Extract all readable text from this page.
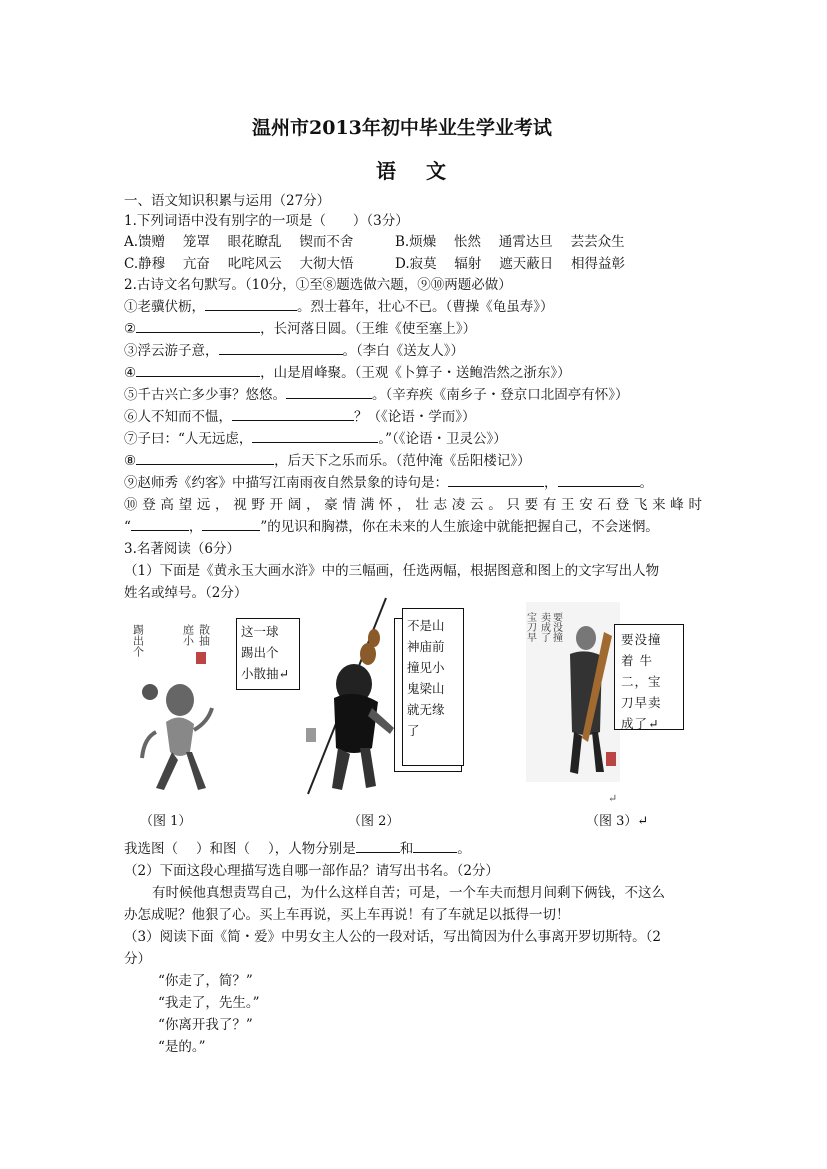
温州市2013年初中毕业生学业考试
语文
一、语文知识积累与运用（27分）
1.下列词语中没有别字的一项是（　　）（3分）
A.馈赠　 笼罩　 眼花瞭乱　 锲而不舍	B.烦燥　 怅然　 通霄达旦　 芸芸众生
C.静穆　 亢奋　 叱咤风云　 大彻大悟	D.寂莫　 辐射　 遮天蔽日　 相得益彰
2.古诗文名句默写。（10分，①至⑧题选做六题，⑨⑩两题必做）
①老骥伏枥，	。烈士暮年，壮心不已。（曹操《龟虽寿》）
②	，长河落日圆。（王维《使至塞上》）
③浮云游子意，	。（李白《送友人》）
④	，山是眉峰聚。（王观《卜算子・送鲍浩然之浙东》）
⑤千古兴亡多少事？悠悠。	。（辛弃疾《南乡子・登京口北固亭有怀》）
⑥人不知而不愠，	？（《论语・学而》）
⑦子曰：“人无远虑，	。”（《论语・卫灵公》）
⑧	，后天下之乐而乐。（范仲淹《岳阳楼记》）
⑨赵师秀《约客》中描写江南雨夜自然景象的诗句是：	，	。
⑩登高望远，视野开阔，豪情满怀，壮志凌云。只要有王安石登飞来峰时
“	，	”的见识和胸襟，你在未来的人生旅途中就能把握自己，不会迷惘。
3.名著阅读（6分）
（1）下面是《黄永玉大画水浒》中的三幅画，任选两幅，根据图意和图上的文字写出人物
姓名或绰号。（2分）
踢出个	庭小 散抽 这一球
踢出个
小散抽↵
不是山
神庙前
撞见小
鬼梁山
就无缘
了
宝刀早 卖成了 要没撞	要没撞
着 牛
二，宝
刀早卖
成了↵
↵
（图 1）	（图 2）	（图 3）↵
我选图（ ）和图（ ），人物分别是	和	。
（2）下面这段心理描写选自哪一部作品？请写出书名。（2分）
有时候他真想责骂自己，为什么这样自苦；可是，一个车夫而想月间剩下俩钱，不这么
办怎成呢？他狠了心。买上车再说，买上车再说！有了车就足以抵得一切！
（3）阅读下面《简・爱》中男女主人公的一段对话，写出简因为什么事离开罗切斯特。（2
分）
“你走了，简？”
“我走了，先生。”
“你离开我了？”
“是的。”
